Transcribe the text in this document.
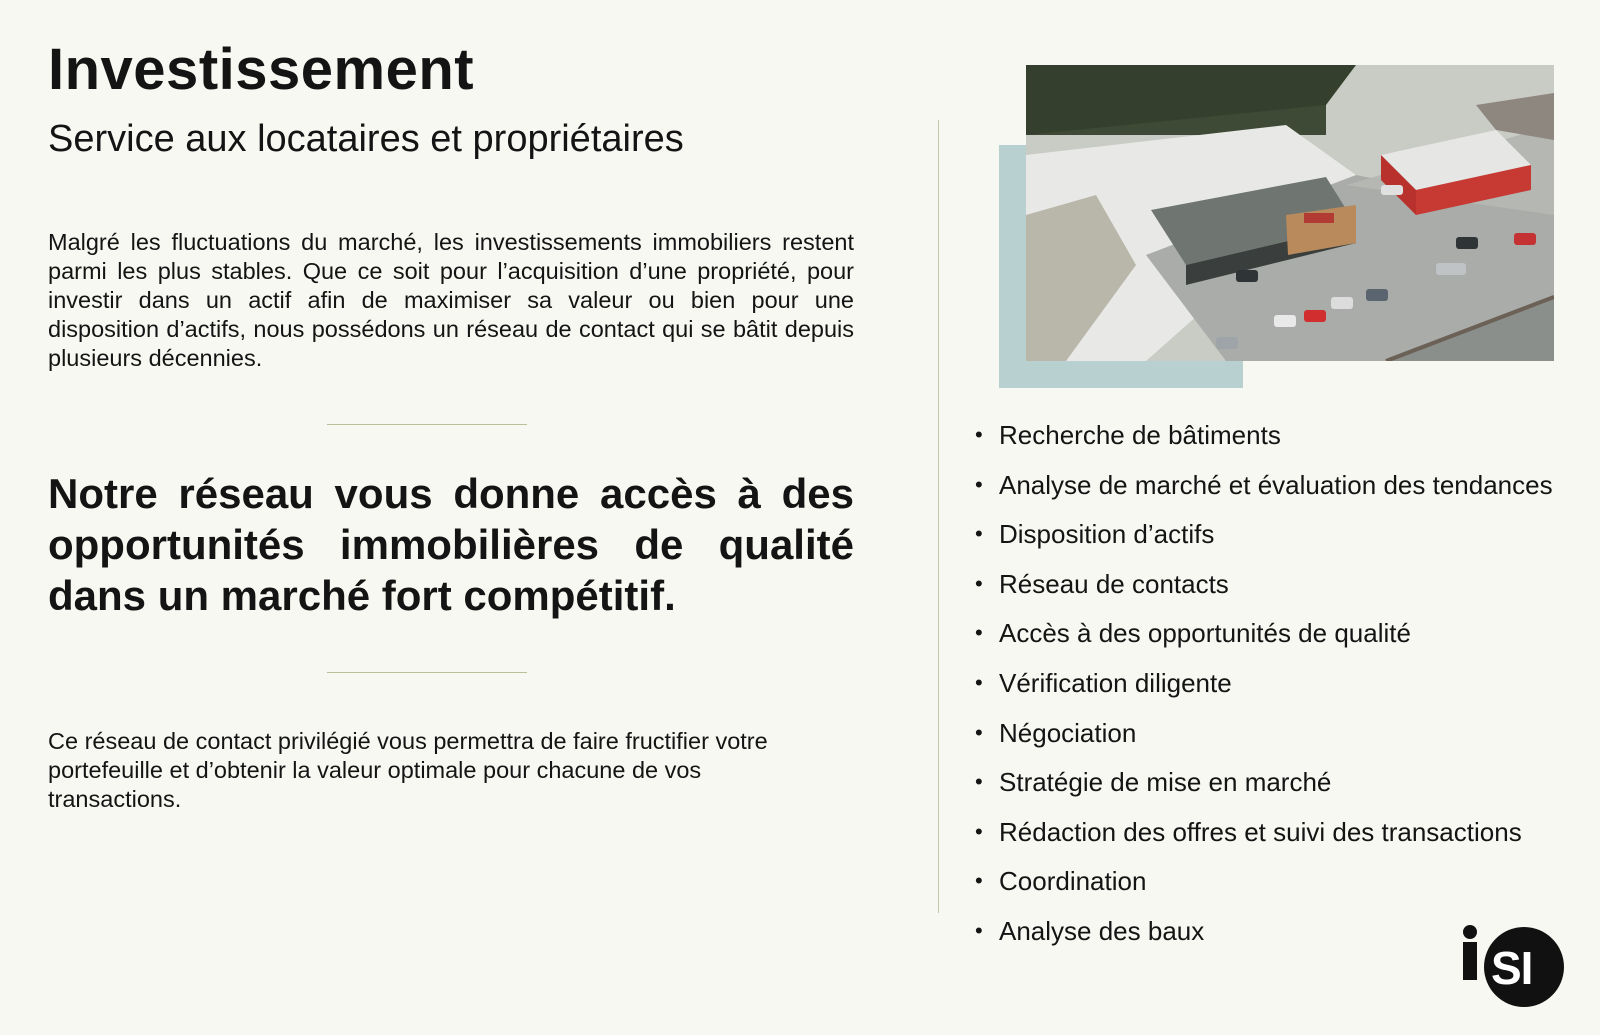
Investissement
Service aux locataires et propriétaires

Malgré les fluctuations du marché, les investissements immobiliers restent parmi les plus stables. Que ce soit pour l’acquisition d’une propriété, pour investir dans un actif afin de maximiser sa valeur ou bien pour une disposition d’actifs, nous possédons un réseau de contact qui se bâtit depuis plusieurs décennies.

Notre réseau vous donne accès à des opportunités immobilières de qualité dans un marché fort compétitif.

Ce réseau de contact privilégié vous permettra de faire fructifier votre portefeuille et d’obtenir la valeur optimale pour chacune de vos transactions.

• Recherche de bâtiments
• Analyse de marché et évaluation des tendances
• Disposition d’actifs
• Réseau de contacts
• Accès à des opportunités de qualité
• Vérification diligente
• Négociation
• Stratégie de mise en marché
• Rédaction des offres et suivi des transactions
• Coordination
• Analyse des baux
SI
